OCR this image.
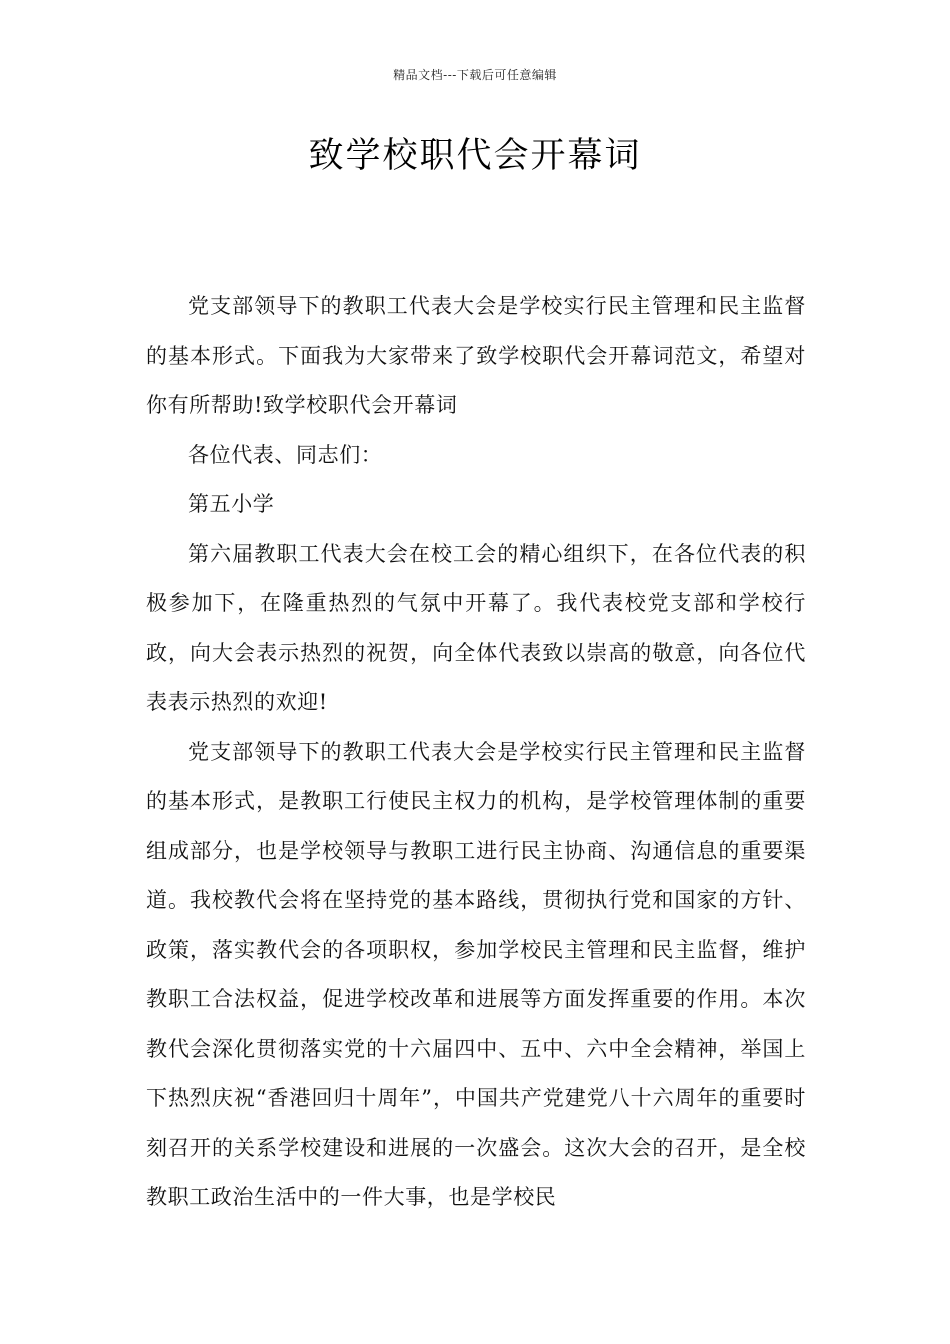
精品文档---下载后可任意编辑
致学校职代会开幕词

党支部领导下的教职工代表大会是学校实行民主管理和民主监督的基本形式。下面我为大家带来了致学校职代会开幕词范文，希望对你有所帮助!致学校职代会开幕词

各位代表、同志们：

第五小学

第六届教职工代表大会在校工会的精心组织下，在各位代表的积极参加下，在隆重热烈的气氛中开幕了。我代表校党支部和学校行政，向大会表示热烈的祝贺，向全体代表致以崇高的敬意，向各位代表表示热烈的欢迎!

党支部领导下的教职工代表大会是学校实行民主管理和民主监督的基本形式，是教职工行使民主权力的机构，是学校管理体制的重要组成部分，也是学校领导与教职工进行民主协商、沟通信息的重要渠道。我校教代会将在坚持党的基本路线，贯彻执行党和国家的方针、政策，落实教代会的各项职权，参加学校民主管理和民主监督，维护教职工合法权益，促进学校改革和进展等方面发挥重要的作用。本次教代会深化贯彻落实党的十六届四中、五中、六中全会精神，举国上下热烈庆祝“香港回归十周年”，中国共产党建党八十六周年的重要时刻召开的关系学校建设和进展的一次盛会。这次大会的召开，是全校教职工政治生活中的一件大事，也是学校民
